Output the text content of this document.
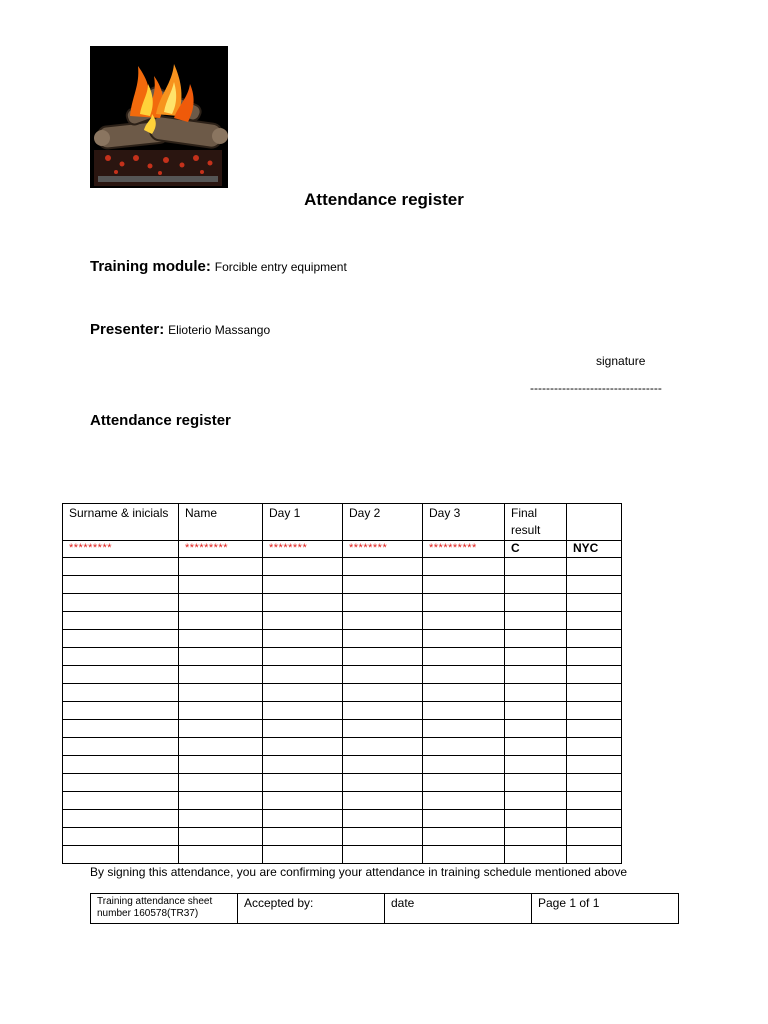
Attendance register
Training module: Forcible entry equipment
Presenter: Elioterio Massango
signature
---------------------------------
Attendance register
Surname & inicials	Name	Day 1	Day 2	Day 3	Final result	
*********	*********	********	********	**********	C	NYC

By signing this attendance, you are confirming your attendance in training schedule mentioned above
Training attendance sheet number 160578(TR37)	Accepted by:	date	Page 1 of 1
